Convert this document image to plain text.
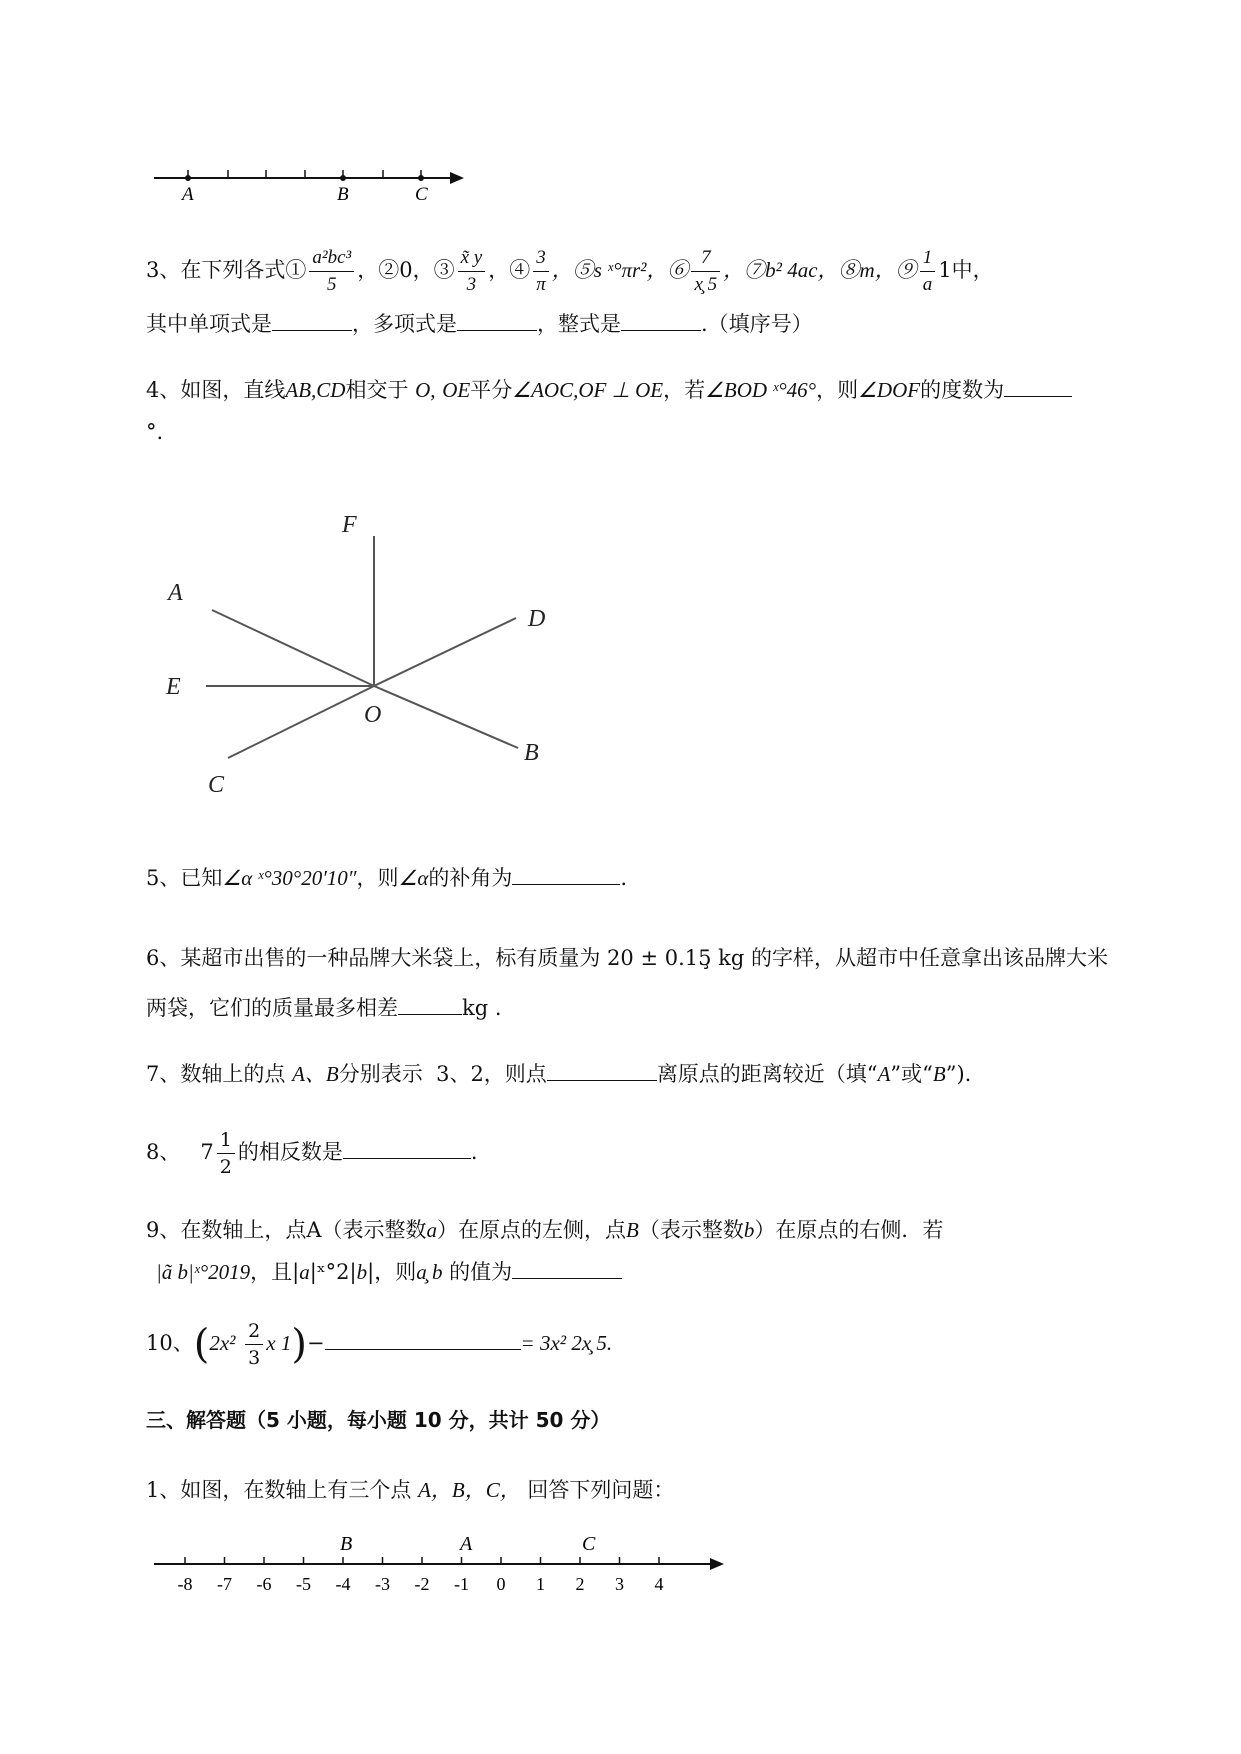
A	B	C
3、在下列各式① $\frac{\text{a²bc³}}{5}$ ，②0，③ $\frac{x̃ y}{3}$ ，④ $\frac{3}{\pi}$ ，⑤s ˣ°πr²，⑥ $\frac{7}{x̧ 5}$ ，⑦b² 4ac，⑧m，⑨ $\frac{1}{a} 1$中，
其中单项式是	，多项式是	，整式是	.（填序号）
4、如图，直线AB,CD相交于 O, OE平分∠AOC,OF ⊥ OE，若∠BOD ˣ°46°，则∠DOF的度数为
°.
F
A
D
E
O
B
C
5、已知∠α ˣ°30°20′10″，则∠α的补角为	.
6、某超市出售的一种品牌大米袋上，标有质量为 20 ± 0.15̧ kg 的字样，从超市中任意拿出该品牌大米
两袋，它们的质量最多相差	kg .
7、数轴上的点 A、B分别表示 3、2，则点	离原点的距离较近（填“A”或“B”).
8、 $7 \frac{1}{2}$ 的相反数是	.
9、在数轴上，点A（表示整数a）在原点的左侧，点B（表示整数b）在原点的右侧．若
|ã b|ˣ°2019，且|a|ˣ°2|b|，则a̧ b 的值为
10、($2x^2 \frac{2}{3}$ x 1)−	= 3x² 2x̧ 5.
三、解答题（5 小题，每小题 10 分，共计 50 分）
1、如图，在数轴上有三个点 A，B，C， 回答下列问题：
B	A	C
-8 -7 -6 -5 -4 -3 -2 -1 0 1 2 3 4
